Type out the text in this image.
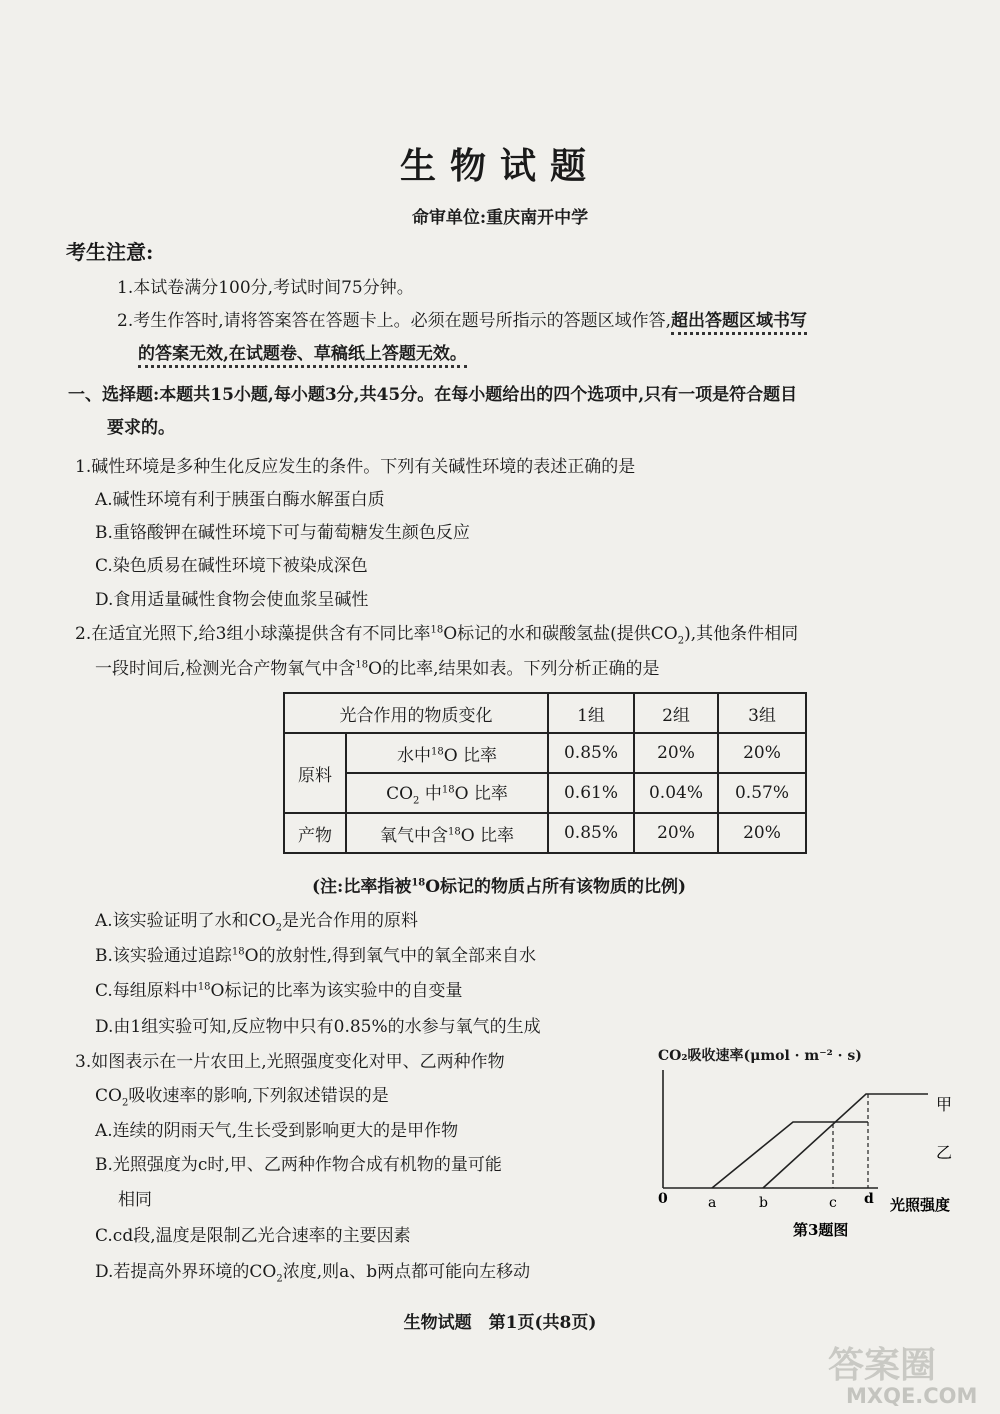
生物试题
命审单位:重庆南开中学
考生注意:
1.本试卷满分100分,考试时间75分钟。
2.考生作答时,请将答案答在答题卡上。必须在题号所指示的答题区域作答,超出答题区域书写
的答案无效,在试题卷、草稿纸上答题无效。
一、选择题:本题共15小题,每小题3分,共45分。在每小题给出的四个选项中,只有一项是符合题目
要求的。
1.碱性环境是多种生化反应发生的条件。下列有关碱性环境的表述正确的是
A.碱性环境有利于胰蛋白酶水解蛋白质
B.重铬酸钾在碱性环境下可与葡萄糖发生颜色反应
C.染色质易在碱性环境下被染成深色
D.食用适量碱性食物会使血浆呈碱性
2.在适宜光照下,给3组小球藻提供含有不同比率$^{18}$O标记的水和碳酸氢盐(提供$CO_2$),其他条件相同
一段时间后,检测光合产物氧气中含$^{18}$O的比率,结果如表。下列分析正确的是
光合作用的物质变化		1组	2组	3组
原料	水中$^{18}$O 比率	0.85%	20%	20%
	$CO_2$ 中$^{18}$O 比率	0.61%	0.04%	0.57%
产物	氧气中含$^{18}$O 比率	0.85%	20%	20%
(注:比率指被$^{18}$O标记的物质占所有该物质的比例)
A.该实验证明了水和$CO_2$是光合作用的原料
B.该实验通过追踪$^{18}$O的放射性,得到氧气中的氧全部来自水
C.每组原料中$^{18}$O标记的比率为该实验中的自变量
D.由1组实验可知,反应物中只有0.85%的水参与氧气的生成
3.如图表示在一片农田上,光照强度变化对甲、乙两种作物
$CO_2$吸收速率的影响,下列叙述错误的是
A.连续的阴雨天气,生长受到影响更大的是甲作物
B.光照强度为c时,甲、乙两种作物合成有机物的量可能
相同
C.cd段,温度是限制乙光合速率的主要因素
D.若提高外界环境的$CO_2$浓度,则a、b两点都可能向左移动
CO₂吸收速率(μmol · m⁻² · s)
0	a	b	c d 光照强度
甲
乙
第3题图
生物试题　第1页(共8页)
答案圈
MXQE.COM
